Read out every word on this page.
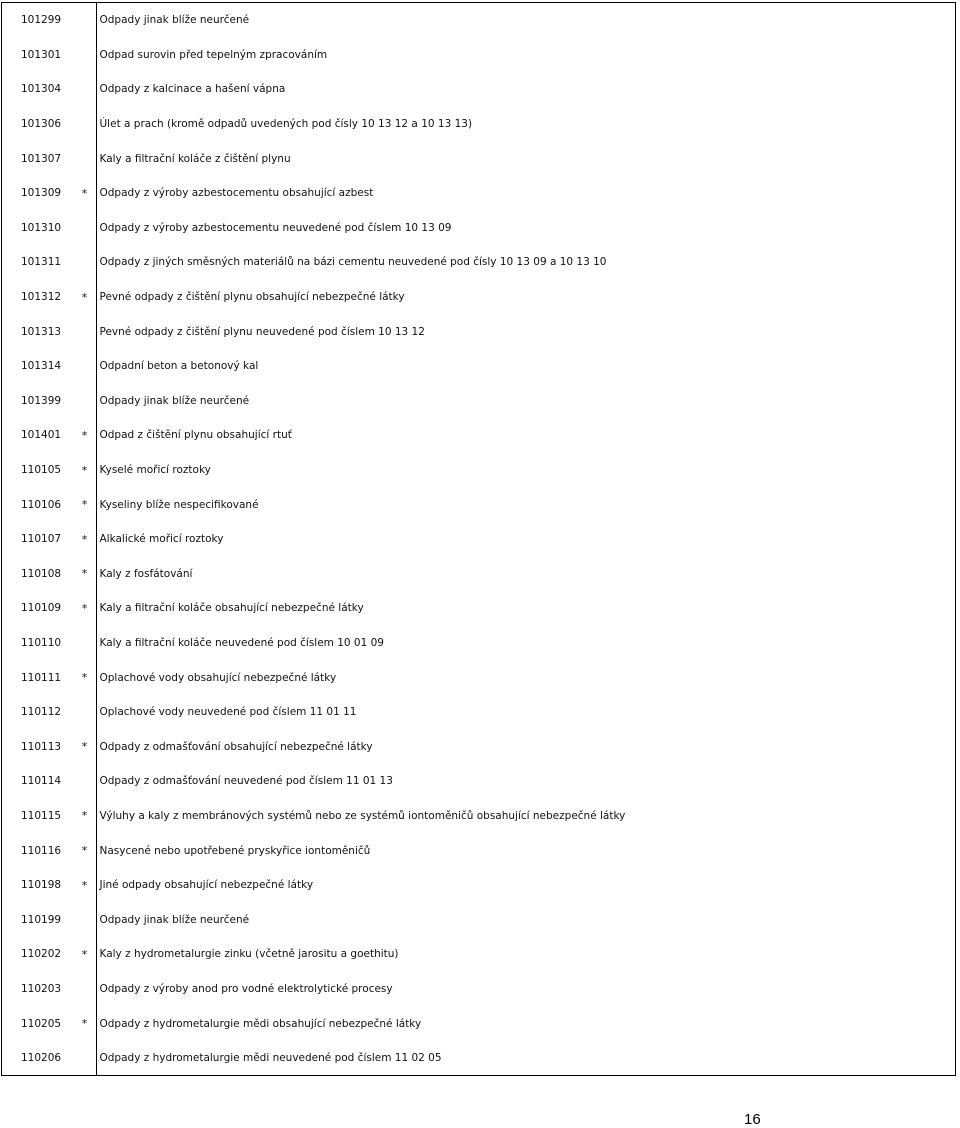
101299		Odpady jinak blíže neurčené
101301		Odpad surovin před tepelným zpracováním
101304		Odpady z kalcinace a hašení vápna
101306		Úlet a prach (kromě odpadů uvedených pod čísly 10 13 12 a 10 13 13)
101307		Kaly a filtrační koláče z čištění plynu
101309	*	Odpady z výroby azbestocementu obsahující azbest
101310		Odpady z výroby azbestocementu neuvedené pod číslem 10 13 09
101311		Odpady z jiných směsných materiálů na bázi cementu neuvedené pod čísly 10 13 09 a 10 13 10
101312	*	Pevné odpady z čištění plynu obsahující nebezpečné látky
101313		Pevné odpady z čištění plynu neuvedené pod číslem 10 13 12
101314		Odpadní beton a betonový kal
101399		Odpady jinak blíže neurčené
101401	*	Odpad z čištění plynu obsahující rtuť
110105	*	Kyselé mořicí roztoky
110106	*	Kyseliny blíže nespecifikované
110107	*	Alkalické mořicí roztoky
110108	*	Kaly z fosfátování
110109	*	Kaly a filtrační koláče obsahující nebezpečné látky
110110		Kaly a filtrační koláče neuvedené pod číslem 10 01 09
110111	*	Oplachové vody obsahující nebezpečné látky
110112		Oplachové vody neuvedené pod číslem 11 01 11
110113	*	Odpady z odmašťování obsahující nebezpečné látky
110114		Odpady z odmašťování neuvedené pod číslem 11 01 13
110115	*	Výluhy a kaly z membránových systémů nebo ze systémů iontoměničů obsahující nebezpečné látky
110116	*	Nasycené nebo upotřebené pryskyřice iontoměničů
110198	*	Jiné odpady obsahující nebezpečné látky
110199		Odpady jinak blíže neurčené
110202	*	Kaly z hydrometalurgie zinku (včetně jarositu a goethitu)
110203		Odpady z výroby anod pro vodné elektrolytické procesy
110205	*	Odpady z hydrometalurgie mědi obsahující nebezpečné látky
110206		Odpady z hydrometalurgie mědi neuvedené pod číslem 11 02 05
16
